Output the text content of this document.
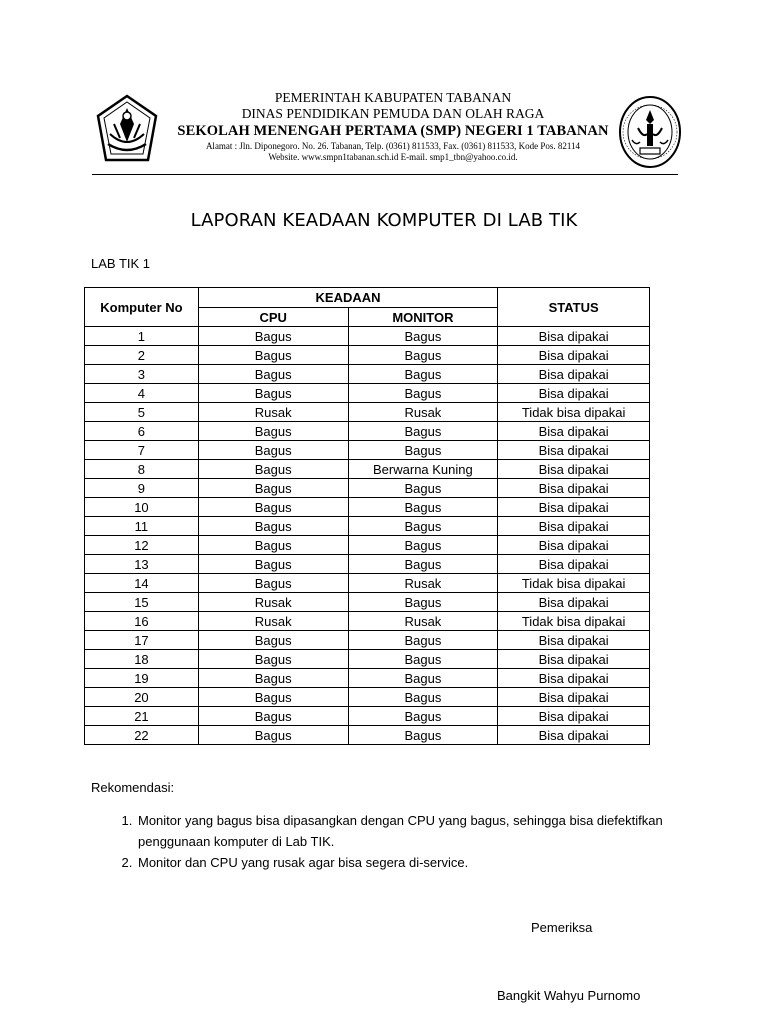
PEMERINTAH KABUPATEN TABANAN
DINAS PENDIDIKAN PEMUDA DAN OLAH RAGA
SEKOLAH MENENGAH PERTAMA (SMP) NEGERI 1 TABANAN
Alamat : Jln. Diponegoro. No. 26. Tabanan, Telp. (0361) 811533, Fax. (0361) 811533, Kode Pos. 82114
Website. www.smpn1tabanan.sch.id E-mail. smp1_tbn@yahoo.co.id.
LAPORAN KEADAAN KOMPUTER DI LAB TIK
LAB TIK 1
Komputer No	KEADAAN		STATUS
	CPU	MONITOR	
1	Bagus	Bagus	Bisa dipakai
2	Bagus	Bagus	Bisa dipakai
3	Bagus	Bagus	Bisa dipakai
4	Bagus	Bagus	Bisa dipakai
5	Rusak	Rusak	Tidak bisa dipakai
6	Bagus	Bagus	Bisa dipakai
7	Bagus	Bagus	Bisa dipakai
8	Bagus	Berwarna Kuning	Bisa dipakai
9	Bagus	Bagus	Bisa dipakai
10	Bagus	Bagus	Bisa dipakai
11	Bagus	Bagus	Bisa dipakai
12	Bagus	Bagus	Bisa dipakai
13	Bagus	Bagus	Bisa dipakai
14	Bagus	Rusak	Tidak bisa dipakai
15	Rusak	Bagus	Bisa dipakai
16	Rusak	Rusak	Tidak bisa dipakai
17	Bagus	Bagus	Bisa dipakai
18	Bagus	Bagus	Bisa dipakai
19	Bagus	Bagus	Bisa dipakai
20	Bagus	Bagus	Bisa dipakai
21	Bagus	Bagus	Bisa dipakai
22	Bagus	Bagus	Bisa dipakai
Rekomendasi:
1. Monitor yang bagus bisa dipasangkan dengan CPU yang bagus, sehingga bisa diefektifkan penggunaan komputer di Lab TIK.
2. Monitor dan CPU yang rusak agar bisa segera di-service.
Pemeriksa
Bangkit Wahyu Purnomo
